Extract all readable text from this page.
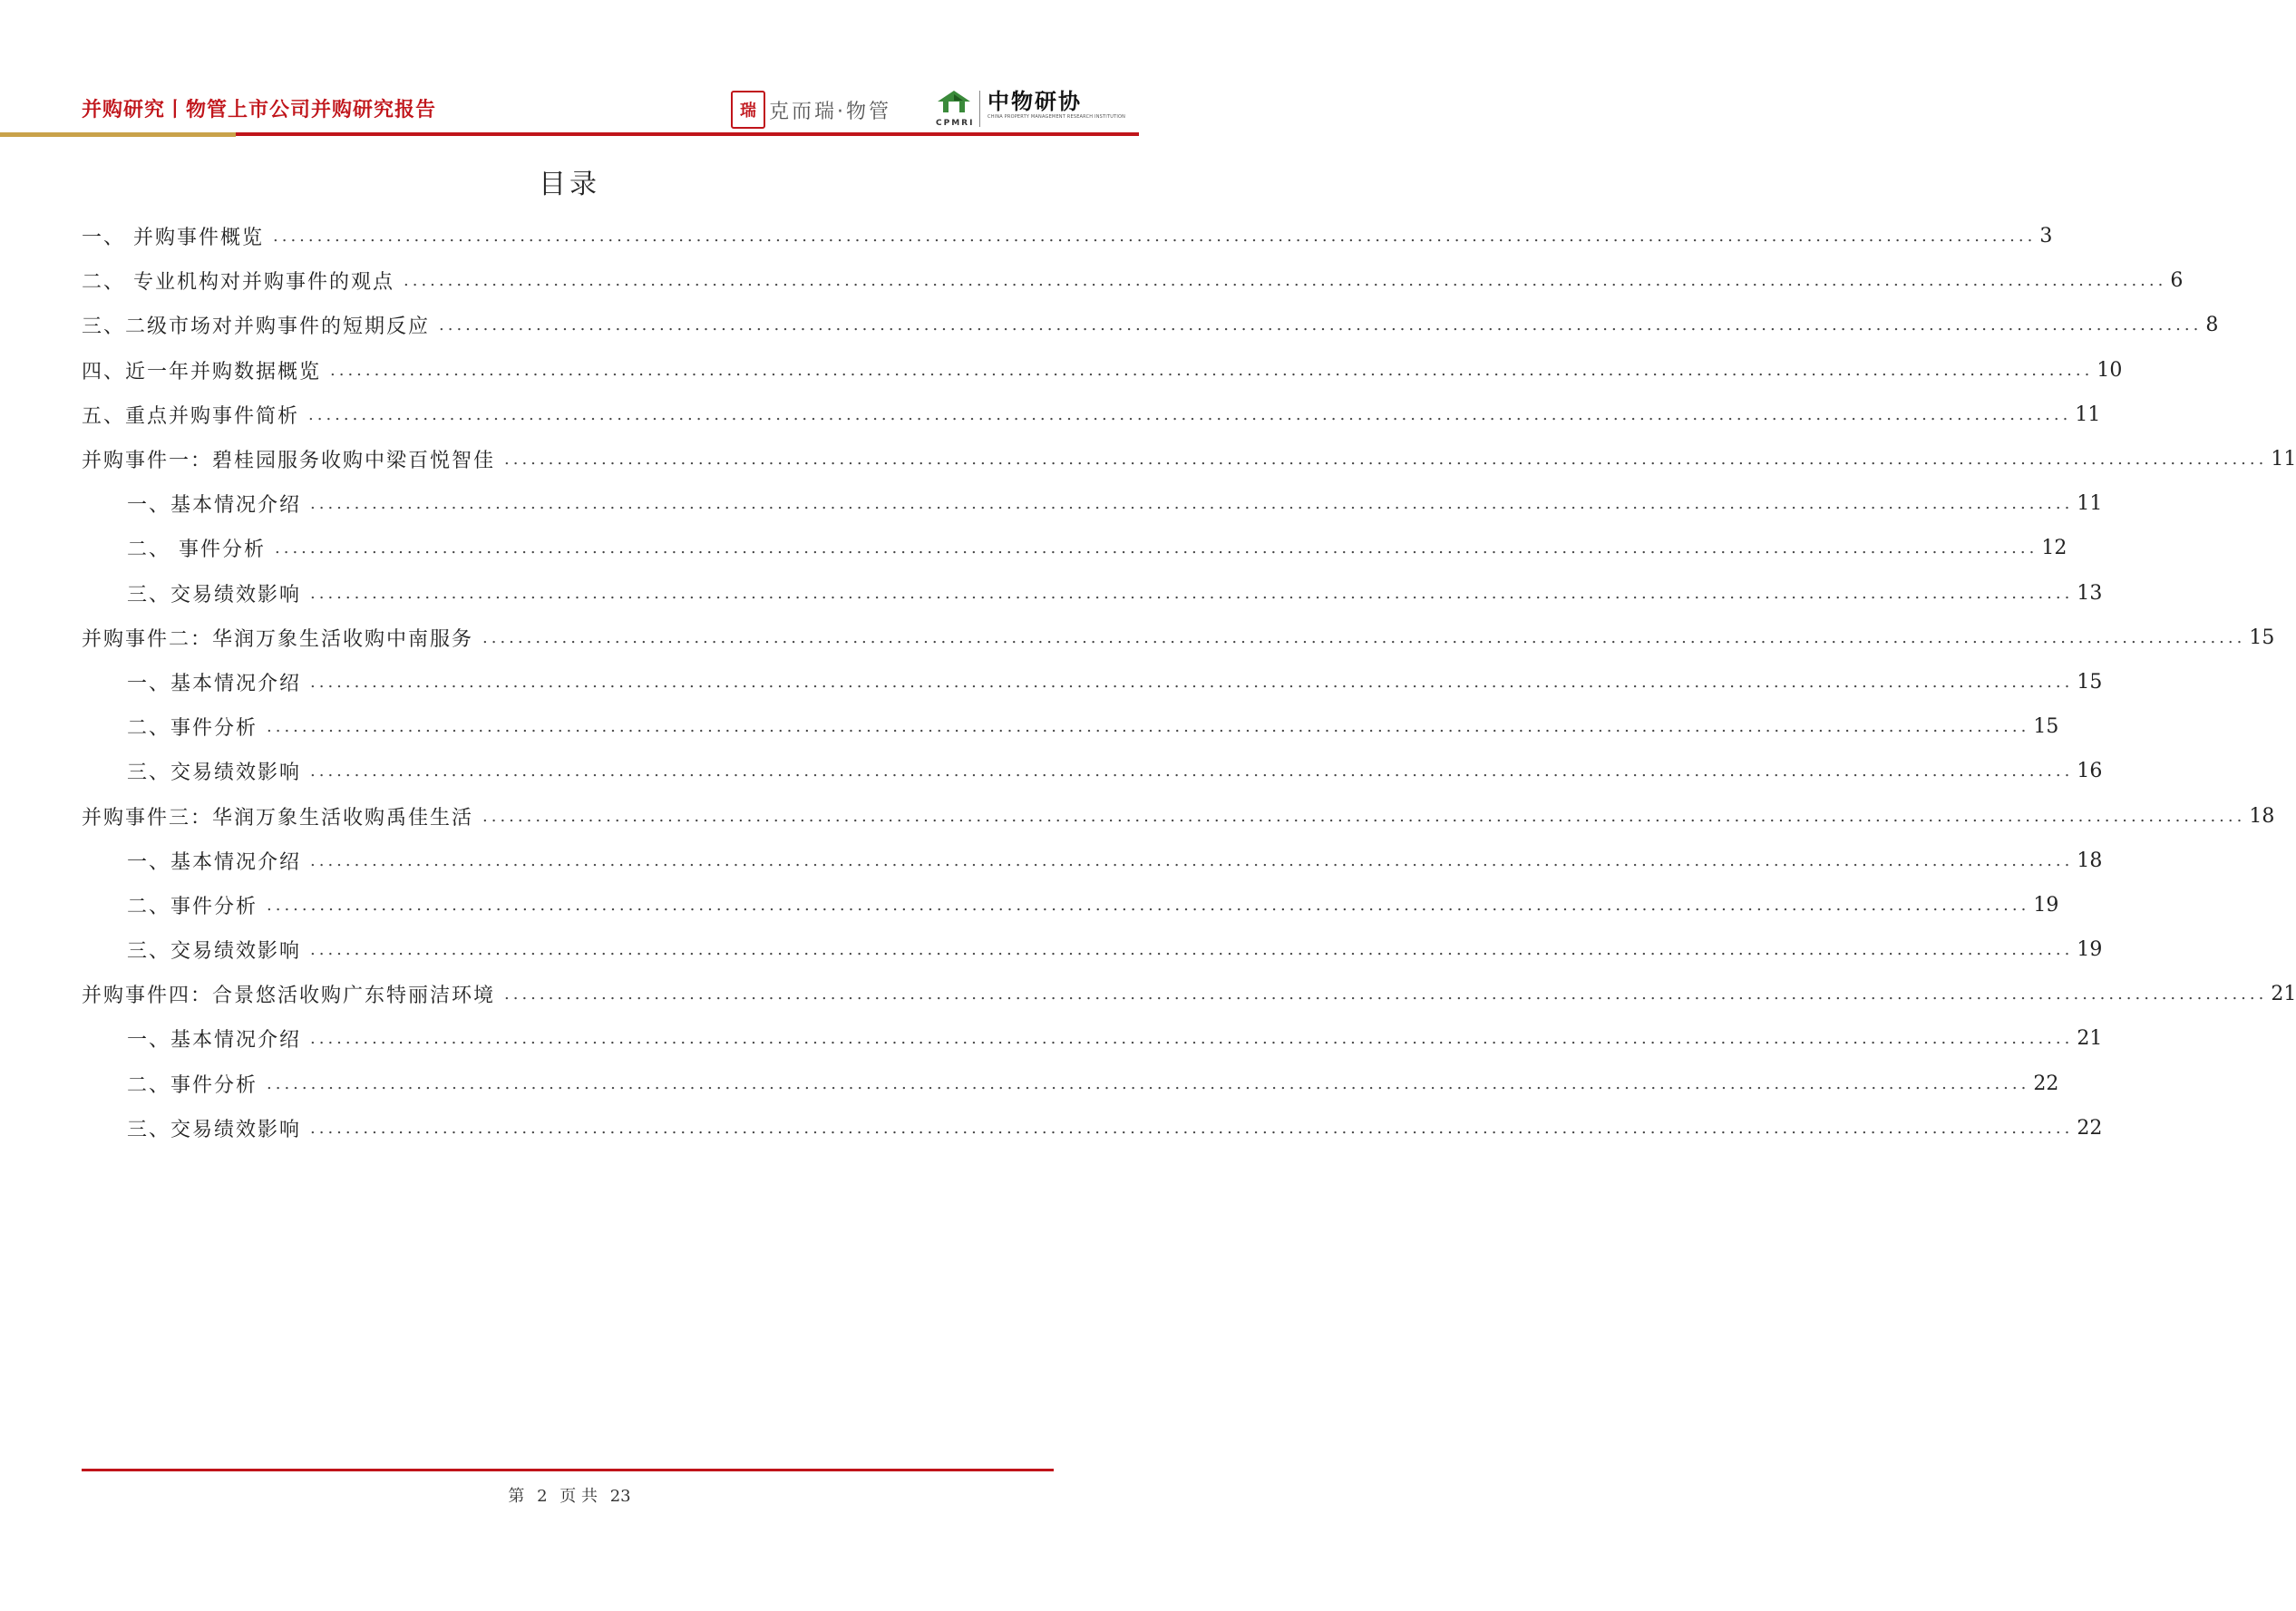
并购研究丨物管上市公司并购研究报告	瑞 克而瑞·物管
CPMRI
中物研协
CHINA PROPERTY MANAGEMENT RESEARCH INSTITUTION
目录
一、 并购事件概览 ........................................................................................................................................................................................................ 3
二、 专业机构对并购事件的观点 ........................................................................................................................................................................................................ 6
三、二级市场对并购事件的短期反应 ........................................................................................................................................................................................................ 8
四、近一年并购数据概览 ........................................................................................................................................................................................................ 10
五、重点并购事件简析 ........................................................................................................................................................................................................ 11
并购事件一：碧桂园服务收购中梁百悦智佳 ........................................................................................................................................................................................................ 11
一、基本情况介绍 ........................................................................................................................................................................................................ 11
二、 事件分析 ........................................................................................................................................................................................................ 12
三、交易绩效影响 ........................................................................................................................................................................................................ 13
并购事件二：华润万象生活收购中南服务 ........................................................................................................................................................................................................ 15
一、基本情况介绍 ........................................................................................................................................................................................................ 15
二、事件分析 ........................................................................................................................................................................................................ 15
三、交易绩效影响 ........................................................................................................................................................................................................ 16
并购事件三：华润万象生活收购禹佳生活 ........................................................................................................................................................................................................ 18
一、基本情况介绍 ........................................................................................................................................................................................................ 18
二、事件分析 ........................................................................................................................................................................................................ 19
三、交易绩效影响 ........................................................................................................................................................................................................ 19
并购事件四：合景悠活收购广东特丽洁环境 ........................................................................................................................................................................................................ 21
一、基本情况介绍 ........................................................................................................................................................................................................ 21
二、事件分析 ........................................................................................................................................................................................................ 22
三、交易绩效影响 ........................................................................................................................................................................................................ 22
第 2 页 共 23
